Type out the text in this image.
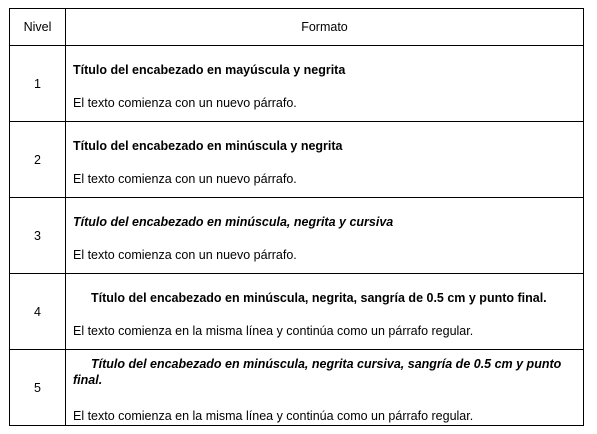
Nivel	Formato
1	Título del encabezado en mayúscula y negrita
El texto comienza con un nuevo párrafo.

2	Título del encabezado en minúscula y negrita
El texto comienza con un nuevo párrafo.

3	Título del encabezado en minúscula, negrita y cursiva
El texto comienza con un nuevo párrafo.

4	Título del encabezado en minúscula, negrita, sangría de 0.5 cm y punto final.
El texto comienza en la misma línea y continúa como un párrafo regular.

5	Título del encabezado en minúscula, negrita cursiva, sangría de 0.5 cm y punto final.
El texto comienza en la misma línea y continúa como un párrafo regular.
